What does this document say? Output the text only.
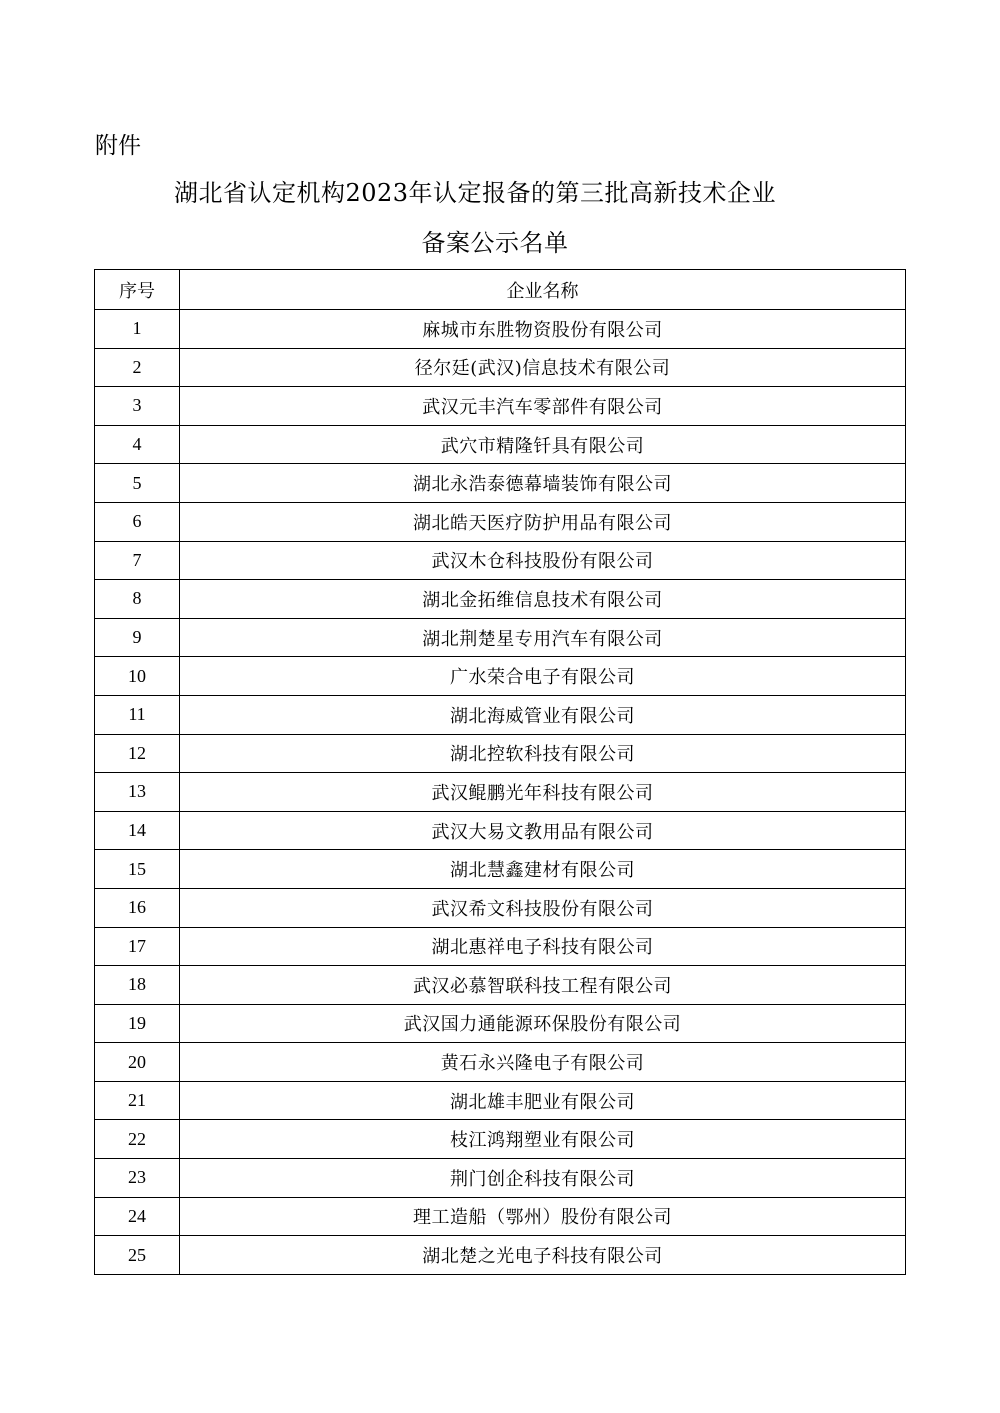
附件

湖北省认定机构2023年认定报备的第三批高新技术企业
备案公示名单
序号	企业名称
1	麻城市东胜物资股份有限公司
2	径尔廷(武汉)信息技术有限公司
3	武汉元丰汽车零部件有限公司
4	武穴市精隆钎具有限公司
5	湖北永浩泰德幕墙装饰有限公司
6	湖北皓天医疗防护用品有限公司
7	武汉木仓科技股份有限公司
8	湖北金拓维信息技术有限公司
9	湖北荆楚星专用汽车有限公司
10	广水荣合电子有限公司
11	湖北海威管业有限公司
12	湖北控软科技有限公司
13	武汉鲲鹏光年科技有限公司
14	武汉大易文教用品有限公司
15	湖北慧鑫建材有限公司
16	武汉希文科技股份有限公司
17	湖北惠祥电子科技有限公司
18	武汉必慕智联科技工程有限公司
19	武汉国力通能源环保股份有限公司
20	黄石永兴隆电子有限公司
21	湖北雄丰肥业有限公司
22	枝江鸿翔塑业有限公司
23	荆门创企科技有限公司
24	理工造船（鄂州）股份有限公司
25	湖北楚之光电子科技有限公司
